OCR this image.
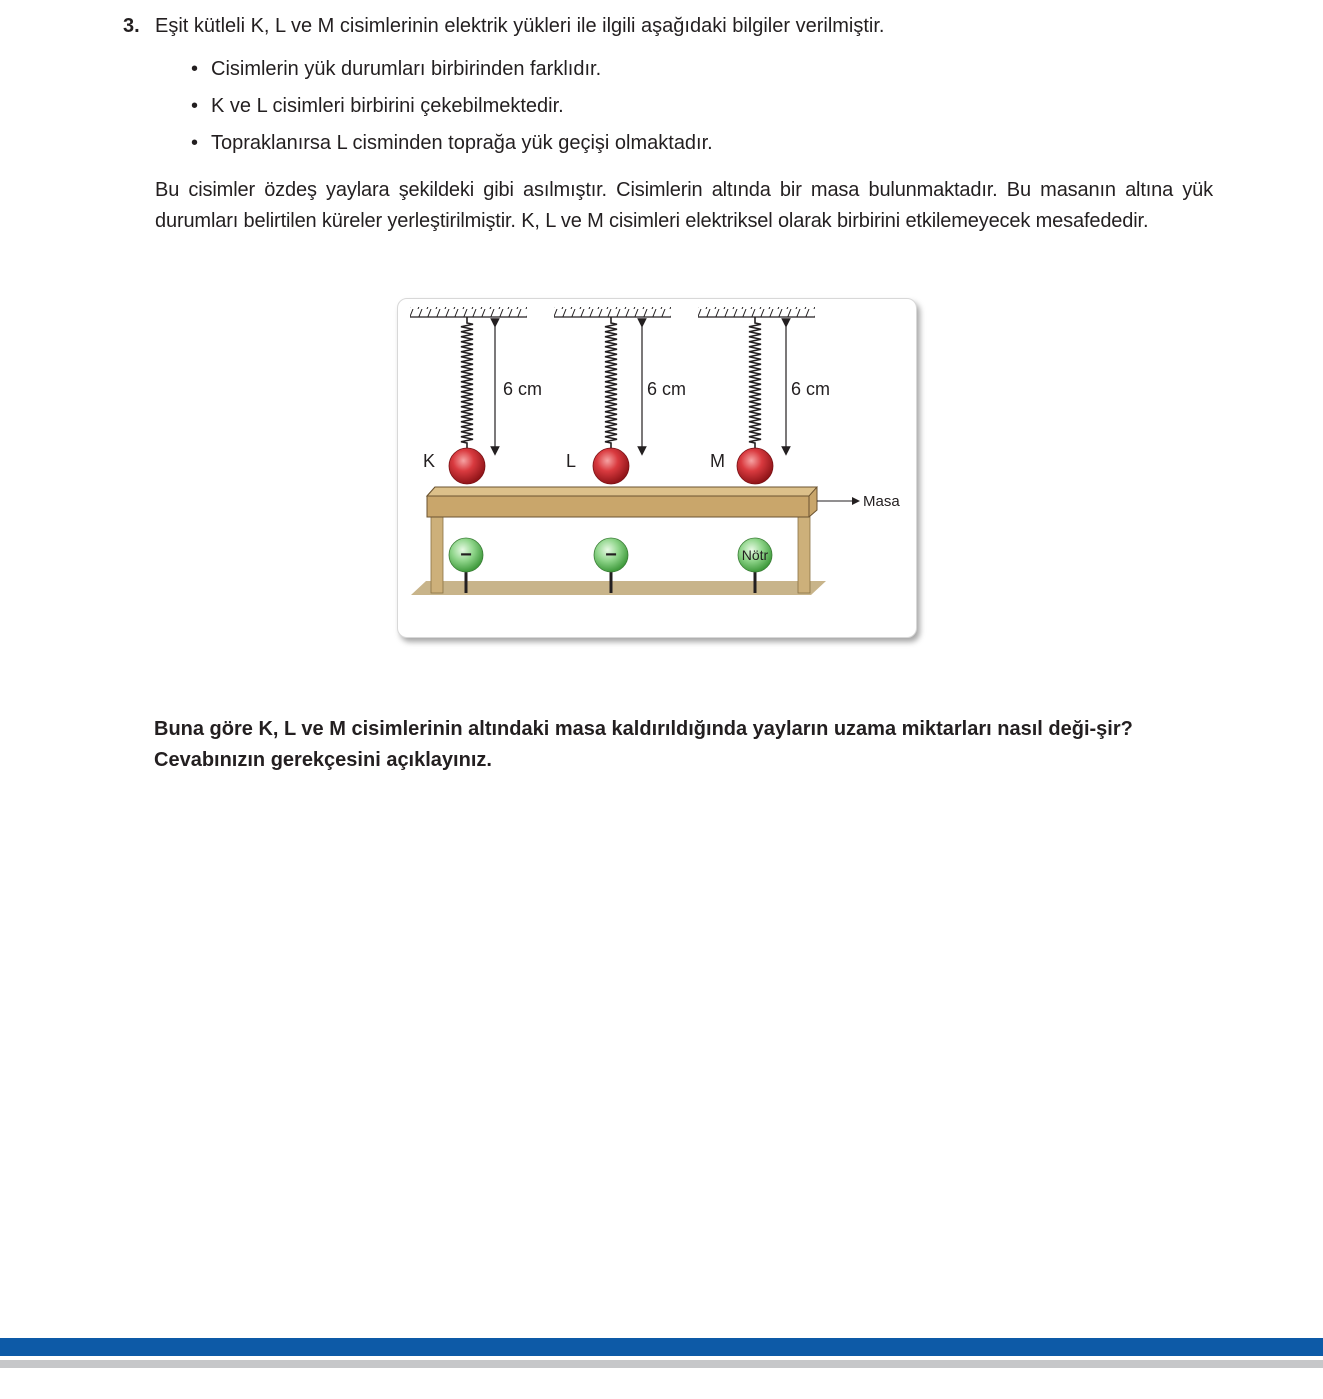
3. Eşit kütleli K, L ve M cisimlerinin elektrik yükleri ile ilgili aşağıdaki bilgiler verilmiştir.
• Cisimlerin yük durumları birbirinden farklıdır.
• K ve L cisimleri birbirini çekebilmektedir.
• Topraklanırsa L cisminden toprağa yük geçişi olmaktadır.
Bu cisimler özdeş yaylara şekildeki gibi asılmıştır. Cisimlerin altında bir masa bulunmaktadır. Bu masanın altına yük durumları belirtilen küreler yerleştirilmiştir. K, L ve M cisimleri elektriksel olarak birbirini etkilemeyecek mesafededir.
6 cm	6 cm	6 cm
K	L	M
Masa
−	−	Nötr
Buna göre K, L ve M cisimlerinin altındaki masa kaldırıldığında yayların uzama miktarları nasıl deği-şir? Cevabınızın gerekçesini açıklayınız.
